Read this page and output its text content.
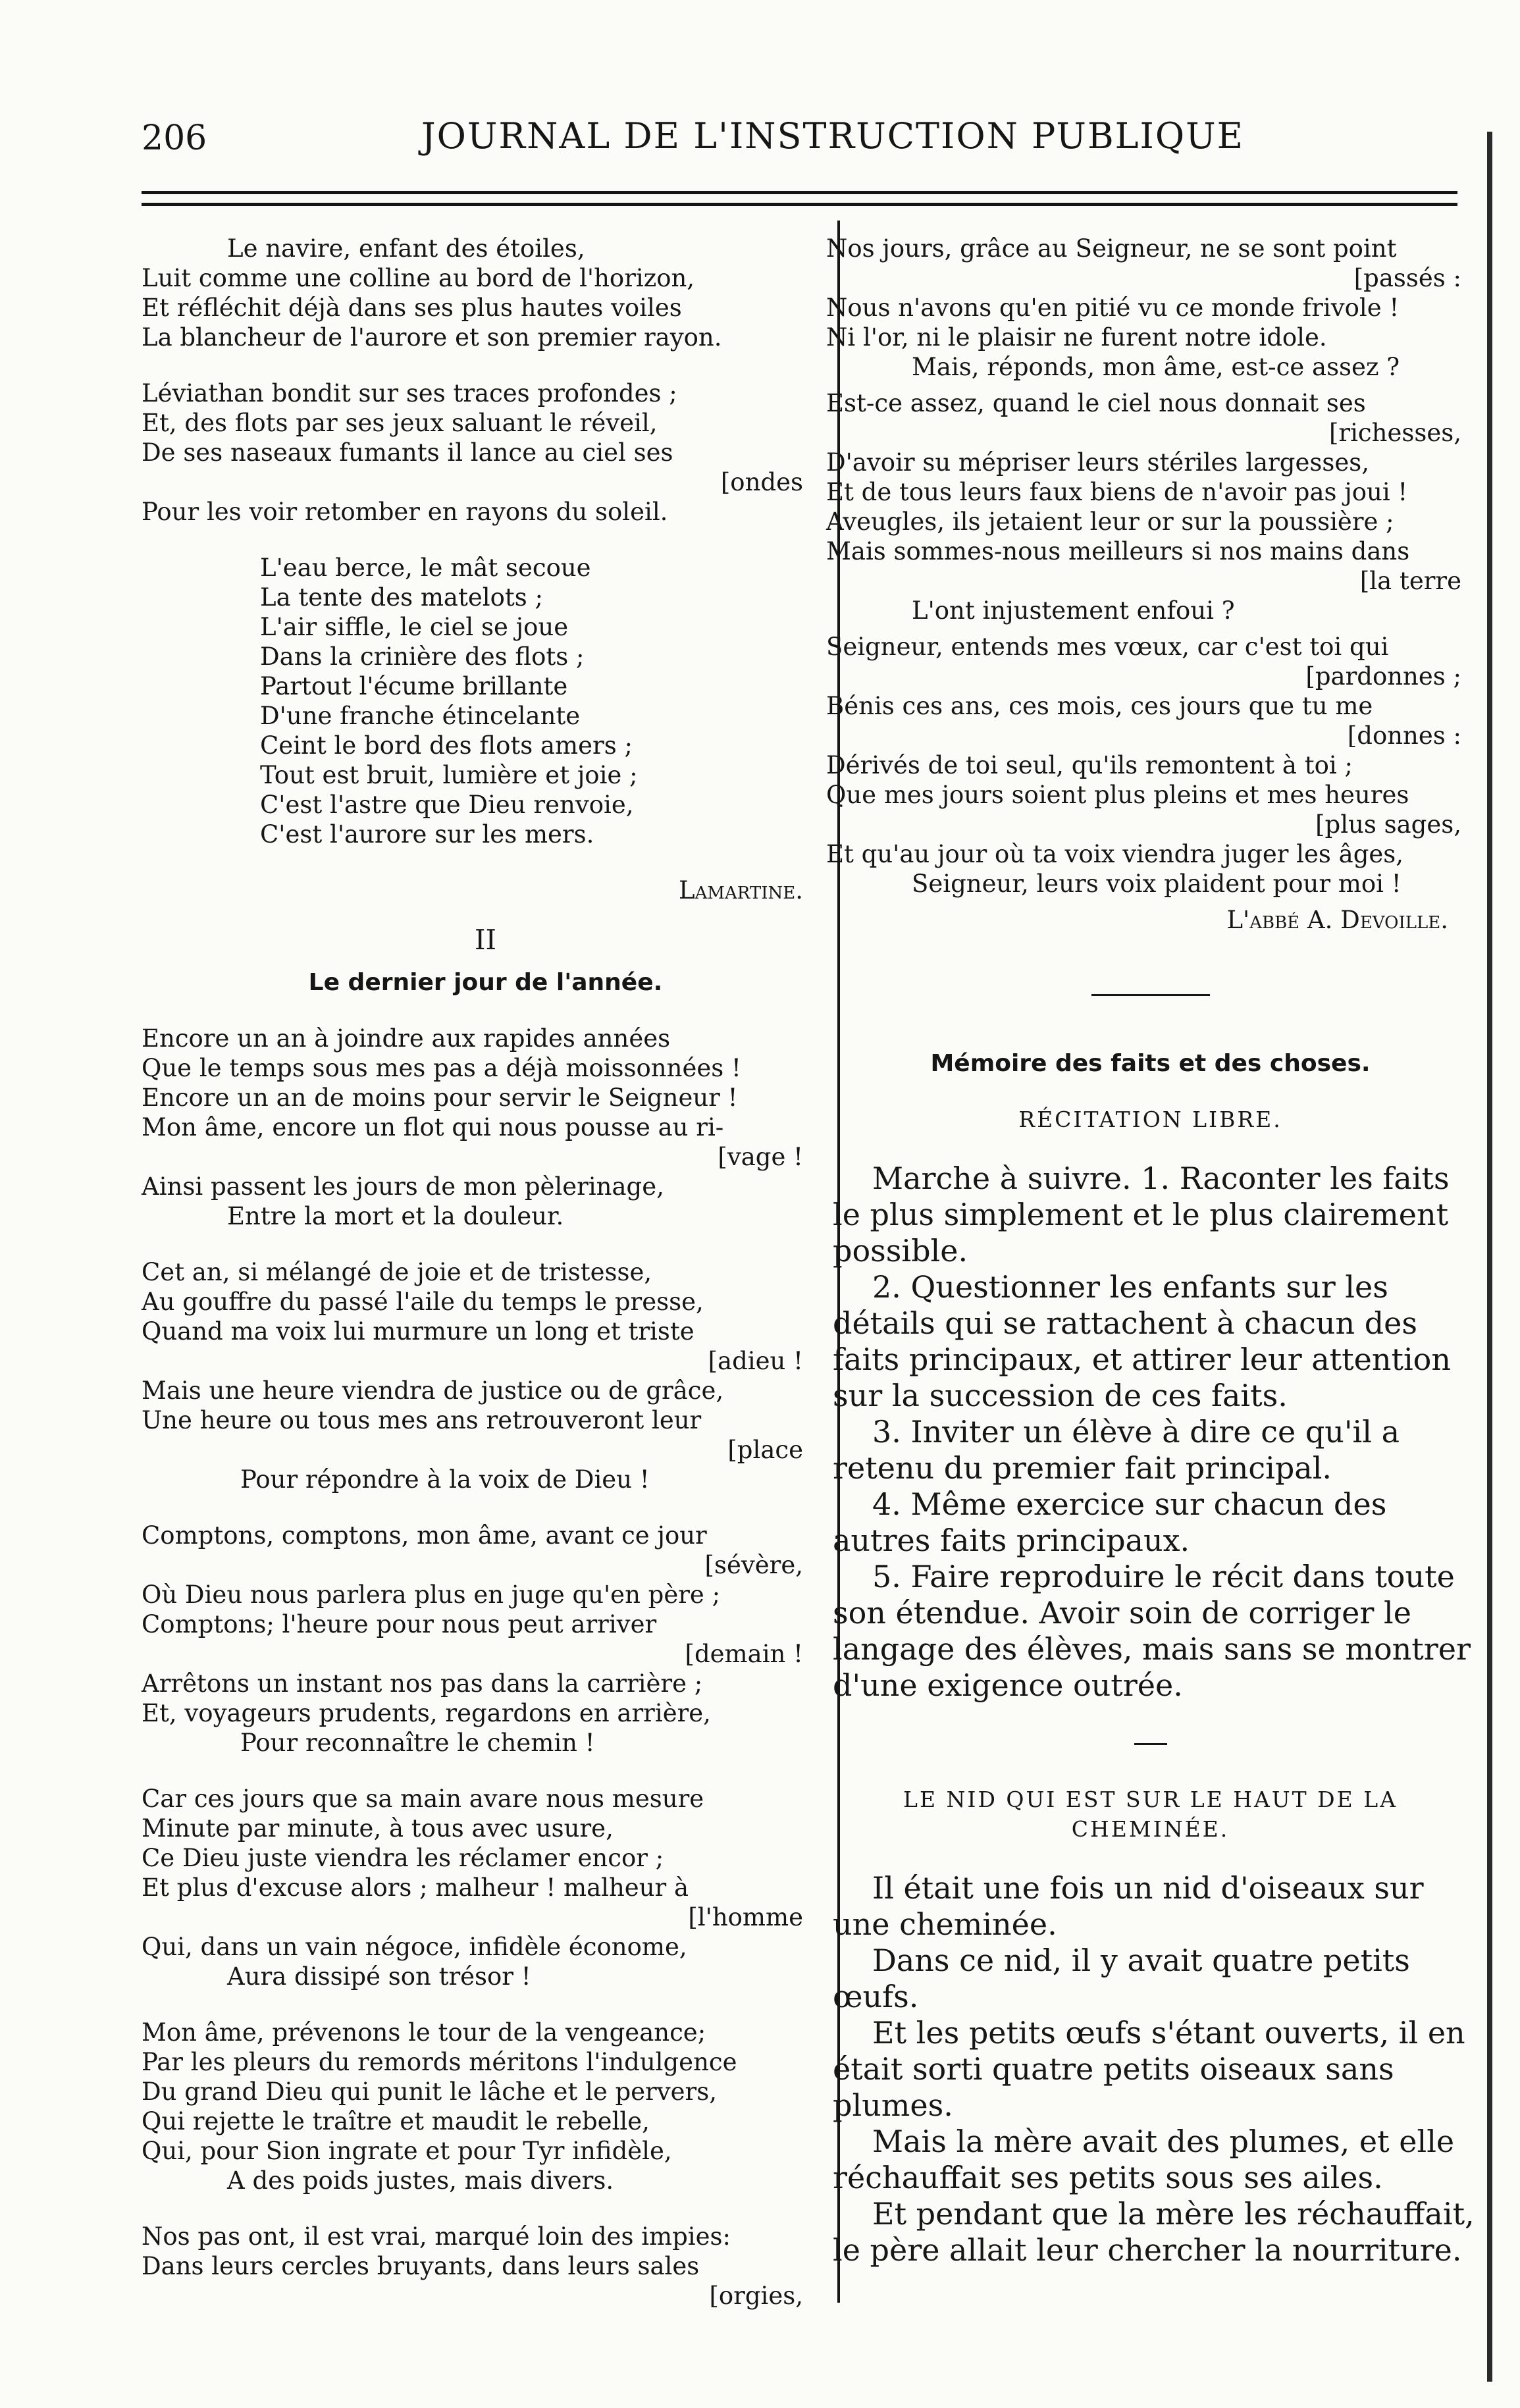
206	JOURNAL DE L'INSTRUCTION PUBLIQUE
Le navire, enfant des étoiles,
Luit comme une colline au bord de l'horizon,
Et réfléchit déjà dans ses plus hautes voiles
La blancheur de l'aurore et son premier rayon.
Léviathan bondit sur ses traces profondes ;
Et, des flots par ses jeux saluant le réveil,
De ses naseaux fumants il lance au ciel ses
[ondes
Pour les voir retomber en rayons du soleil.
L'eau berce, le mât secoue
La tente des matelots ;
L'air siffle, le ciel se joue
Dans la crinière des flots ;
Partout l'écume brillante
D'une franche étincelante
Ceint le bord des flots amers ;
Tout est bruit, lumière et joie ;
C'est l'astre que Dieu renvoie,
C'est l'aurore sur les mers.
Lamartine.
II
Le dernier jour de l'année.
Encore un an à joindre aux rapides années
Que le temps sous mes pas a déjà moissonnées !
Encore un an de moins pour servir le Seigneur !
Mon âme, encore un flot qui nous pousse au ri-
[vage !
Ainsi passent les jours de mon pèlerinage,
Entre la mort et la douleur.
Cet an, si mélangé de joie et de tristesse,
Au gouffre du passé l'aile du temps le presse,
Quand ma voix lui murmure un long et triste
[adieu !
Mais une heure viendra de justice ou de grâce,
Une heure ou tous mes ans retrouveront leur
[place
Pour répondre à la voix de Dieu !
Comptons, comptons, mon âme, avant ce jour
[sévère,
Où Dieu nous parlera plus en juge qu'en père ;
Comptons; l'heure pour nous peut arriver
[demain !
Arrêtons un instant nos pas dans la carrière ;
Et, voyageurs prudents, regardons en arrière,
Pour reconnaître le chemin !
Car ces jours que sa main avare nous mesure
Minute par minute, à tous avec usure,
Ce Dieu juste viendra les réclamer encor ;
Et plus d'excuse alors ; malheur ! malheur à
[l'homme
Qui, dans un vain négoce, infidèle économe,
Aura dissipé son trésor !
Mon âme, prévenons le tour de la vengeance;
Par les pleurs du remords méritons l'indulgence
Du grand Dieu qui punit le lâche et le pervers,
Qui rejette le traître et maudit le rebelle,
Qui, pour Sion ingrate et pour Tyr infidèle,
A des poids justes, mais divers.
Nos pas ont, il est vrai, marqué loin des impies:
Dans leurs cercles bruyants, dans leurs sales
[orgies,
Nos jours, grâce au Seigneur, ne se sont point
[passés :
Nous n'avons qu'en pitié vu ce monde frivole !
Ni l'or, ni le plaisir ne furent notre idole.
Mais, réponds, mon âme, est-ce assez ?
Est-ce assez, quand le ciel nous donnait ses
[richesses,
D'avoir su mépriser leurs stériles largesses,
Et de tous leurs faux biens de n'avoir pas joui !
Aveugles, ils jetaient leur or sur la poussière ;
Mais sommes-nous meilleurs si nos mains dans
[la terre
L'ont injustement enfoui ?
Seigneur, entends mes vœux, car c'est toi qui
[pardonnes ;
Bénis ces ans, ces mois, ces jours que tu me
[donnes :
Dérivés de toi seul, qu'ils remontent à toi ;
Que mes jours soient plus pleins et mes heures
[plus sages,
Et qu'au jour où ta voix viendra juger les âges,
Seigneur, leurs voix plaident pour moi !
L'abbé A. Devoille.
Mémoire des faits et des choses.
RÉCITATION LIBRE.

Marche à suivre. 1. Raconter les faits le plus simplement et le plus clairement possible.

2. Questionner les enfants sur les détails qui se rattachent à chacun des faits principaux, et attirer leur attention sur la succession de ces faits.

3. Inviter un élève à dire ce qu'il a retenu du premier fait principal.

4. Même exercice sur chacun des autres faits principaux.

5. Faire reproduire le récit dans toute son étendue. Avoir soin de corriger le langage des élèves, mais sans se montrer d'une exigence outrée.

LE NID QUI EST SUR LE HAUT DE LA CHEMINÉE.

Il était une fois un nid d'oiseaux sur une cheminée.

Dans ce nid, il y avait quatre petits œufs.

Et les petits œufs s'étant ouverts, il en était sorti quatre petits oiseaux sans plumes.

Mais la mère avait des plumes, et elle réchauffait ses petits sous ses ailes.

Et pendant que la mère les réchauffait, le père allait leur chercher la nourriture.
